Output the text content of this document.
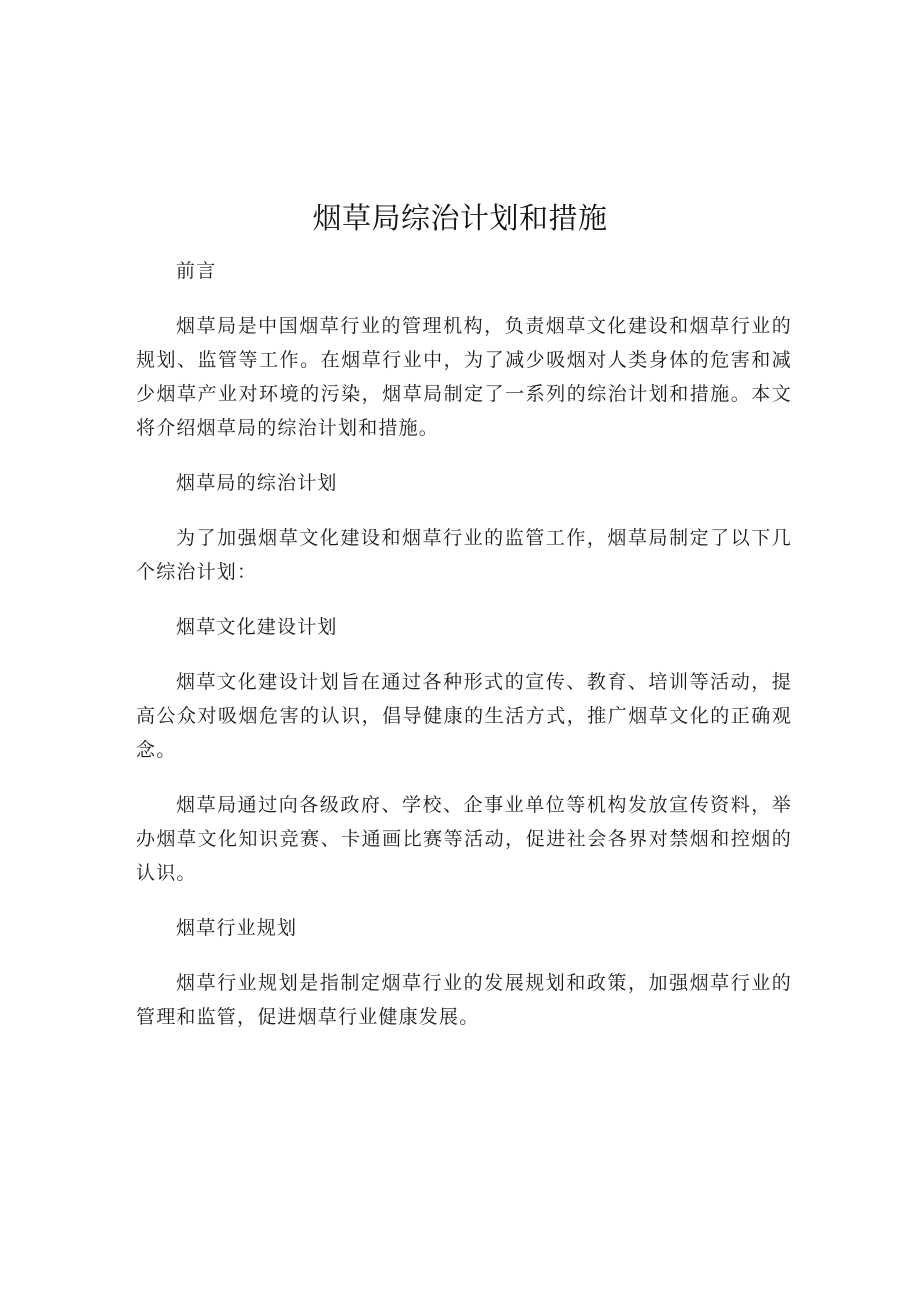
烟草局综治计划和措施

前言

烟草局是中国烟草行业的管理机构，负责烟草文化建设和烟草行业的规划、监管等工作。在烟草行业中，为了减少吸烟对人类身体的危害和减少烟草产业对环境的污染，烟草局制定了一系列的综治计划和措施。本文将介绍烟草局的综治计划和措施。

烟草局的综治计划

为了加强烟草文化建设和烟草行业的监管工作，烟草局制定了以下几个综治计划：

烟草文化建设计划

烟草文化建设计划旨在通过各种形式的宣传、教育、培训等活动，提高公众对吸烟危害的认识，倡导健康的生活方式，推广烟草文化的正确观念。

烟草局通过向各级政府、学校、企事业单位等机构发放宣传资料，举办烟草文化知识竞赛、卡通画比赛等活动，促进社会各界对禁烟和控烟的认识。

烟草行业规划

烟草行业规划是指制定烟草行业的发展规划和政策，加强烟草行业的管理和监管，促进烟草行业健康发展。
